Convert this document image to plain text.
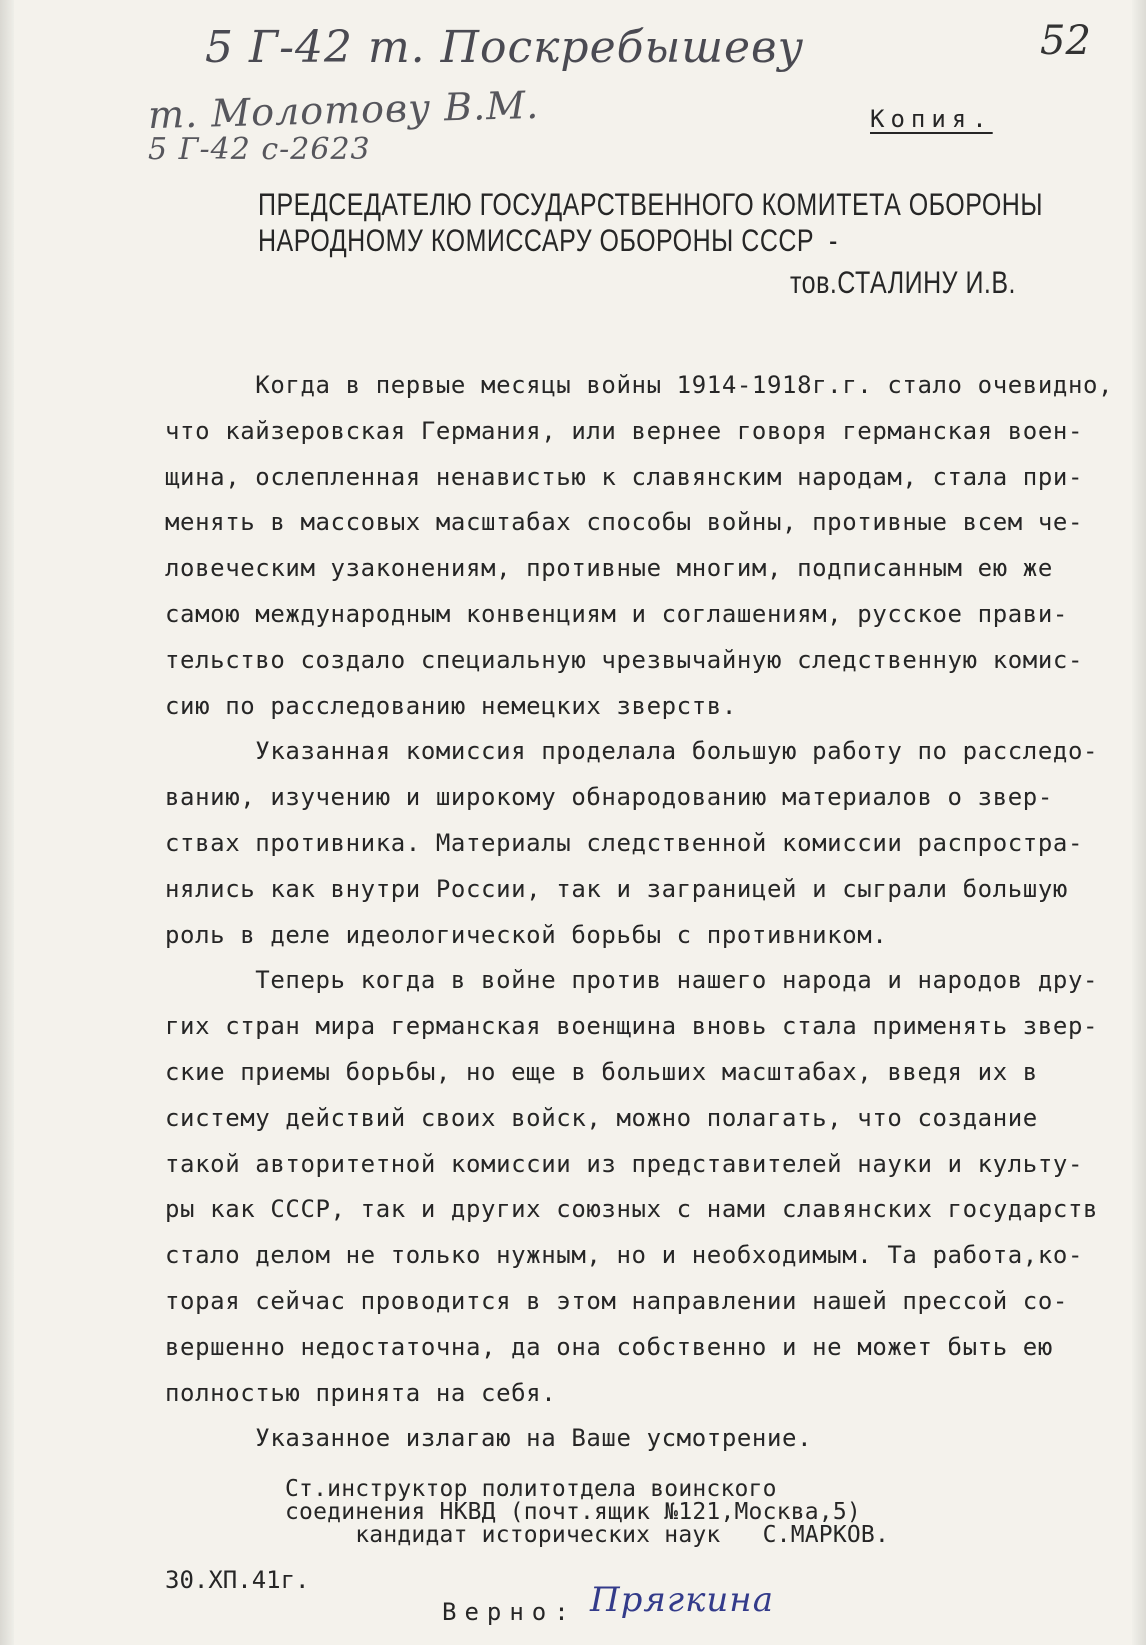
5 Г-42 т. Поскребышеву
т. Молотову В.М.
5 Г-42 с-2623
52
Копия.
ПРЕДСЕДАТЕЛЮ ГОСУДАРСТВЕННОГО КОМИТЕТА ОБОРОНЫ
НАРОДНОМУ КОМИССАРУ ОБОРОНЫ СССР  -
тов.СТАЛИНУ И.В.
Когда в первые месяцы войны 1914-1918г.г. стало очевидно,
что кайзеровская Германия, или вернее говоря германская воен-
щина, ослепленная ненавистью к славянским народам, стала при-
менять в массовых масштабах способы войны, противные всем че-
ловеческим узаконениям, противные многим, подписанным ею же
самою международным конвенциям и соглашениям, русское прави-
тельство создало специальную чрезвычайную следственную комис-
сию по расследованию немецких зверств.
Указанная комиссия проделала большую работу по расследо-
ванию, изучению и широкому обнародованию материалов о звер-
ствах противника. Материалы следственной комиссии распростра-
нялись как внутри России, так и заграницей и сыграли большую
роль в деле идеологической борьбы с противником.
Теперь когда в войне против нашего народа и народов дру-
гих стран мира германская военщина вновь стала применять звер-
ские приемы борьбы, но еще в больших масштабах, введя их в
систему действий своих войск, можно полагать, что создание
такой авторитетной комиссии из представителей науки и культу-
ры как СССР, так и других союзных с нами славянских государств
стало делом не только нужным, но и необходимым. Та работа,ко-
торая сейчас проводится в этом направлении нашей прессой со-
вершенно недостаточна, да она собственно и не может быть ею
полностью принята на себя.
Указанное излагаю на Ваше усмотрение.
Ст.инструктор политотдела воинского
соединения НКВД (почт.ящик №121,Москва,5)
кандидат исторических наук   С.МАРКОВ.
30.XП.41г.
Верно: Прягкина
